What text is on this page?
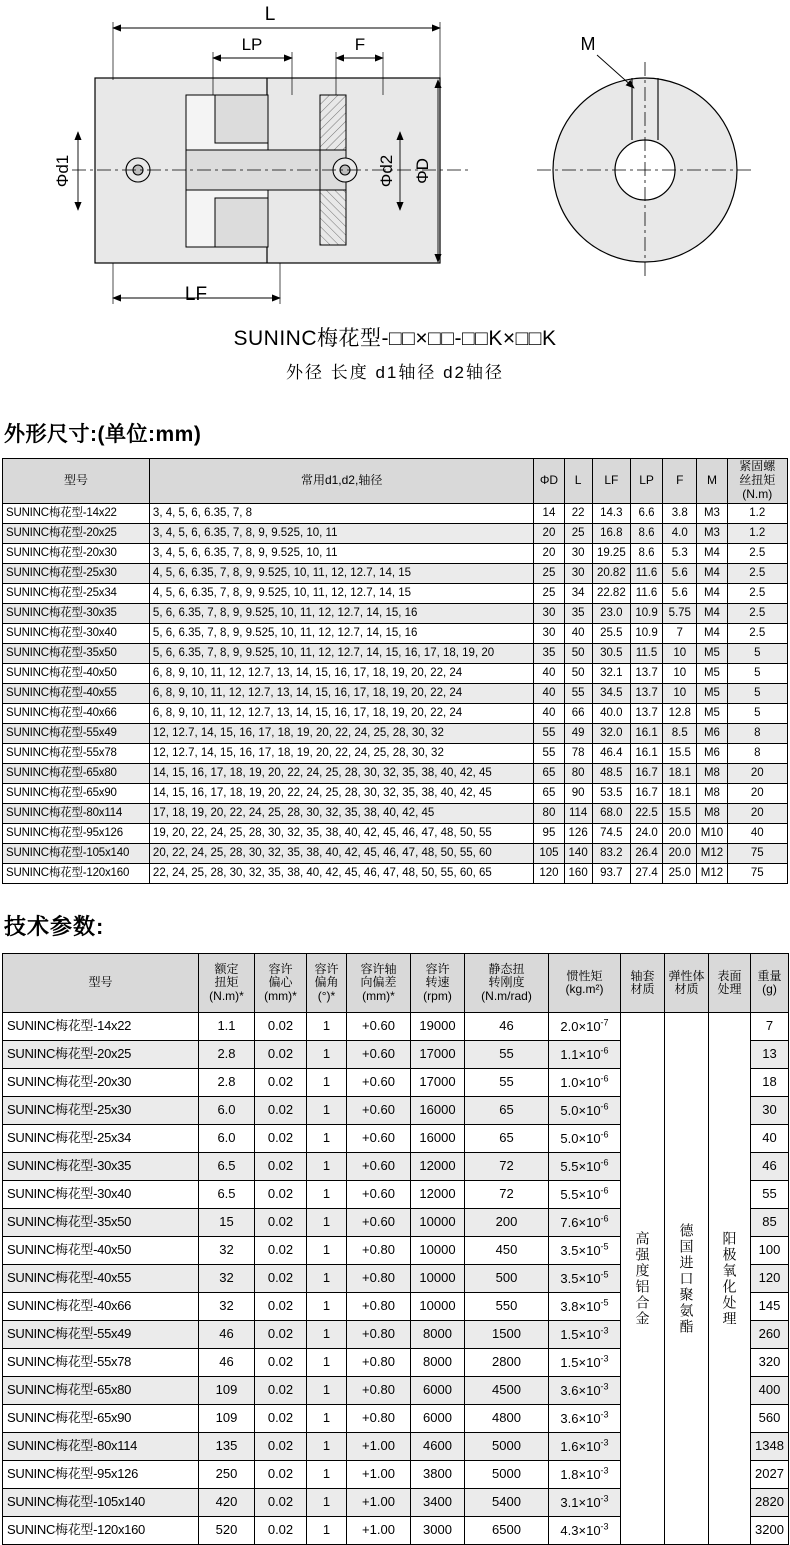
L
LP	F
LF
Φd1	Φd2 ΦD
M
SUNINC梅花型-□□×□□-□□K×□□K
外径 长度 d1轴径 d2轴径
外形尺寸:(单位:mm)
型号	常用d1,d2,轴径	ΦD	L	LF	LP	F	M	紧固螺
丝扭矩
(N.m)
SUNINC梅花型-14x22	3, 4, 5, 6, 6.35, 7, 8	14	22	14.3	6.6	3.8	M3	1.2
SUNINC梅花型-20x25	3, 4, 5, 6, 6.35, 7, 8, 9, 9.525, 10, 11	20	25	16.8	8.6	4.0	M3	1.2
SUNINC梅花型-20x30	3, 4, 5, 6, 6.35, 7, 8, 9, 9.525, 10, 11	20	30	19.25	8.6	5.3	M4	2.5
SUNINC梅花型-25x30	4, 5, 6, 6.35, 7, 8, 9, 9.525, 10, 11, 12, 12.7, 14, 15	25	30	20.82	11.6	5.6	M4	2.5
SUNINC梅花型-25x34	4, 5, 6, 6.35, 7, 8, 9, 9.525, 10, 11, 12, 12.7, 14, 15	25	34	22.82	11.6	5.6	M4	2.5
SUNINC梅花型-30x35	5, 6, 6.35, 7, 8, 9, 9.525, 10, 11, 12, 12.7, 14, 15, 16	30	35	23.0	10.9	5.75	M4	2.5
SUNINC梅花型-30x40	5, 6, 6.35, 7, 8, 9, 9.525, 10, 11, 12, 12.7, 14, 15, 16	30	40	25.5	10.9	7	M4	2.5
SUNINC梅花型-35x50	5, 6, 6.35, 7, 8, 9, 9.525, 10, 11, 12, 12.7, 14, 15, 16, 17, 18, 19, 20	35	50	30.5	11.5	10	M5	5
SUNINC梅花型-40x50	6, 8, 9, 10, 11, 12, 12.7, 13, 14, 15, 16, 17, 18, 19, 20, 22, 24	40	50	32.1	13.7	10	M5	5
SUNINC梅花型-40x55	6, 8, 9, 10, 11, 12, 12.7, 13, 14, 15, 16, 17, 18, 19, 20, 22, 24	40	55	34.5	13.7	10	M5	5
SUNINC梅花型-40x66	6, 8, 9, 10, 11, 12, 12.7, 13, 14, 15, 16, 17, 18, 19, 20, 22, 24	40	66	40.0	13.7	12.8	M5	5
SUNINC梅花型-55x49	12, 12.7, 14, 15, 16, 17, 18, 19, 20, 22, 24, 25, 28, 30, 32	55	49	32.0	16.1	8.5	M6	8
SUNINC梅花型-55x78	12, 12.7, 14, 15, 16, 17, 18, 19, 20, 22, 24, 25, 28, 30, 32	55	78	46.4	16.1	15.5	M6	8
SUNINC梅花型-65x80	14, 15, 16, 17, 18, 19, 20, 22, 24, 25, 28, 30, 32, 35, 38, 40, 42, 45	65	80	48.5	16.7	18.1	M8	20
SUNINC梅花型-65x90	14, 15, 16, 17, 18, 19, 20, 22, 24, 25, 28, 30, 32, 35, 38, 40, 42, 45	65	90	53.5	16.7	18.1	M8	20
SUNINC梅花型-80x114	17, 18, 19, 20, 22, 24, 25, 28, 30, 32, 35, 38, 40, 42, 45	80	114	68.0	22.5	15.5	M8	20
SUNINC梅花型-95x126	19, 20, 22, 24, 25, 28, 30, 32, 35, 38, 40, 42, 45, 46, 47, 48, 50, 55	95	126	74.5	24.0	20.0	M10	40
SUNINC梅花型-105x140	20, 22, 24, 25, 28, 30, 32, 35, 38, 40, 42, 45, 46, 47, 48, 50, 55, 60	105	140	83.2	26.4	20.0	M12	75
SUNINC梅花型-120x160	22, 24, 25, 28, 30, 32, 35, 38, 40, 42, 45, 46, 47, 48, 50, 55, 60, 65	120	160	93.7	27.4	25.0	M12	75
技术参数:
型号	额定
扭矩
(N.m)*	容许
偏心
(mm)*	容许
偏角
(°)*	容许轴
向偏差
(mm)*	容许
转速
(rpm)	静态扭
转刚度
(N.m/rad)	惯性矩
(kg.m²)	轴套
材质	弹性体
材质	表面
处理	重量
(g)
SUNINC梅花型-14x22	1.1	0.02	1	+0.60	19000	46	$2.0\times 10^{-7}$	高强度铝合金	德国进口聚氨酯	阳极氧化处理	7
SUNINC梅花型-20x25	2.8	0.02	1	+0.60	17000	55	$1.1\times 10^{-6}$				13
SUNINC梅花型-20x30	2.8	0.02	1	+0.60	17000	55	$1.0\times 10^{-6}$				18
SUNINC梅花型-25x30	6.0	0.02	1	+0.60	16000	65	$5.0\times 10^{-6}$				30
SUNINC梅花型-25x34	6.0	0.02	1	+0.60	16000	65	$5.0\times 10^{-6}$				40
SUNINC梅花型-30x35	6.5	0.02	1	+0.60	12000	72	$5.5\times 10^{-6}$				46
SUNINC梅花型-30x40	6.5	0.02	1	+0.60	12000	72	$5.5\times 10^{-6}$				55
SUNINC梅花型-35x50	15	0.02	1	+0.60	10000	200	$7.6\times 10^{-6}$				85
SUNINC梅花型-40x50	32	0.02	1	+0.80	10000	450	$3.5\times 10^{-5}$				100
SUNINC梅花型-40x55	32	0.02	1	+0.80	10000	500	$3.5\times 10^{-5}$				120
SUNINC梅花型-40x66	32	0.02	1	+0.80	10000	550	$3.8\times 10^{-5}$				145
SUNINC梅花型-55x49	46	0.02	1	+0.80	8000	1500	$1.5\times 10^{-3}$				260
SUNINC梅花型-55x78	46	0.02	1	+0.80	8000	2800	$1.5\times 10^{-3}$				320
SUNINC梅花型-65x80	109	0.02	1	+0.80	6000	4500	$3.6\times 10^{-3}$				400
SUNINC梅花型-65x90	109	0.02	1	+0.80	6000	4800	$3.6\times 10^{-3}$				560
SUNINC梅花型-80x114	135	0.02	1	+1.00	4600	5000	$1.6\times 10^{-3}$				1348
SUNINC梅花型-95x126	250	0.02	1	+1.00	3800	5000	$1.8\times 10^{-3}$				2027
SUNINC梅花型-105x140	420	0.02	1	+1.00	3400	5400	$3.1\times 10^{-3}$				2820
SUNINC梅花型-120x160	520	0.02	1	+1.00	3000	6500	$4.3\times 10^{-3}$				3200
